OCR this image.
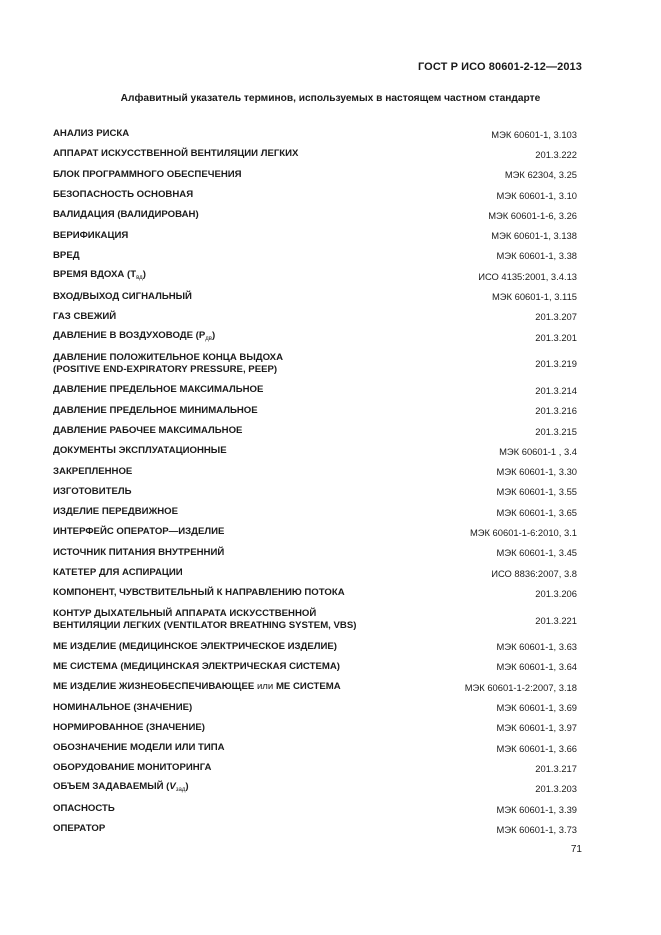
ГОСТ Р ИСО 80601-2-12—2013
Алфавитный указатель терминов, используемых в настоящем частном стандарте
АНАЛИЗ РИСКА	МЭК 60601-1, 3.103
АППАРАТ ИСКУССТВЕННОЙ ВЕНТИЛЯЦИИ ЛЕГКИХ	201.3.222
БЛОК ПРОГРАММНОГО ОБЕСПЕЧЕНИЯ	МЭК 62304, 3.25
БЕЗОПАСНОСТЬ ОСНОВНАЯ	МЭК 60601-1, 3.10
ВАЛИДАЦИЯ (ВАЛИДИРОВАН)	МЭК 60601-1-6, 3.26
ВЕРИФИКАЦИЯ	МЭК 60601-1, 3.138
ВРЕД	МЭК 60601-1, 3.38
ВРЕМЯ ВДОХА $(T_{вд})$	ИСО 4135:2001, 3.4.13
ВХОД/ВЫХОД СИГНАЛЬНЫЙ	МЭК 60601-1, 3.115
ГАЗ СВЕЖИЙ	201.3.207
ДАВЛЕНИЕ В ВОЗДУХОВОДЕ $(P_{дв})$	201.3.201
ДАВЛЕНИЕ ПОЛОЖИТЕЛЬНОЕ КОНЦА ВЫДОХА
(POSITIVE END-EXPIRATORY PRESSURE, PEEP)	201.3.219
ДАВЛЕНИЕ ПРЕДЕЛЬНОЕ МАКСИМАЛЬНОЕ	201.3.214
ДАВЛЕНИЕ ПРЕДЕЛЬНОЕ МИНИМАЛЬНОЕ	201.3.216
ДАВЛЕНИЕ РАБОЧЕЕ МАКСИМАЛЬНОЕ	201.3.215
ДОКУМЕНТЫ ЭКСПЛУАТАЦИОННЫЕ	МЭК 60601-1 , 3.4
ЗАКРЕПЛЕННОЕ	МЭК 60601-1, 3.30
ИЗГОТОВИТЕЛЬ	МЭК 60601-1, 3.55
ИЗДЕЛИЕ ПЕРЕДВИЖНОЕ	МЭК 60601-1, 3.65
ИНТЕРФЕЙС ОПЕРАТОР—ИЗДЕЛИЕ	МЭК 60601-1-6:2010, 3.1
ИСТОЧНИК ПИТАНИЯ ВНУТРЕННИЙ	МЭК 60601-1, 3.45
КАТЕТЕР ДЛЯ АСПИРАЦИИ	ИСО 8836:2007, 3.8
КОМПОНЕНТ, ЧУВСТВИТЕЛЬНЫЙ К НАПРАВЛЕНИЮ ПОТОКА	201.3.206
КОНТУР ДЫХАТЕЛЬНЫЙ АППАРАТА ИСКУССТВЕННОЙ
ВЕНТИЛЯЦИИ ЛЕГКИХ (VENTILATOR BREATHING SYSTEM, VBS)	201.3.221
МЕ ИЗДЕЛИЕ (МЕДИЦИНСКОЕ ЭЛЕКТРИЧЕСКОЕ ИЗДЕЛИЕ)	МЭК 60601-1, 3.63
МЕ СИСТЕМА (МЕДИЦИНСКАЯ ЭЛЕКТРИЧЕСКАЯ СИСТЕМА)	МЭК 60601-1, 3.64
МЕ ИЗДЕЛИЕ ЖИЗНЕОБЕСПЕЧИВАЮЩЕЕ или МЕ СИСТЕМА	МЭК 60601-1-2:2007, 3.18
НОМИНАЛЬНОЕ (ЗНАЧЕНИЕ)	МЭК 60601-1, 3.69
НОРМИРОВАННОЕ (ЗНАЧЕНИЕ)	МЭК 60601-1, 3.97
ОБОЗНАЧЕНИЕ МОДЕЛИ ИЛИ ТИПА	МЭК 60601-1, 3.66
ОБОРУДОВАНИЕ МОНИТОРИНГА	201.3.217
ОБЪЕМ ЗАДАВАЕМЫЙ $(V_{зад})$	201.3.203
ОПАСНОСТЬ	МЭК 60601-1, 3.39
ОПЕРАТОР	МЭК 60601-1, 3.73
71
